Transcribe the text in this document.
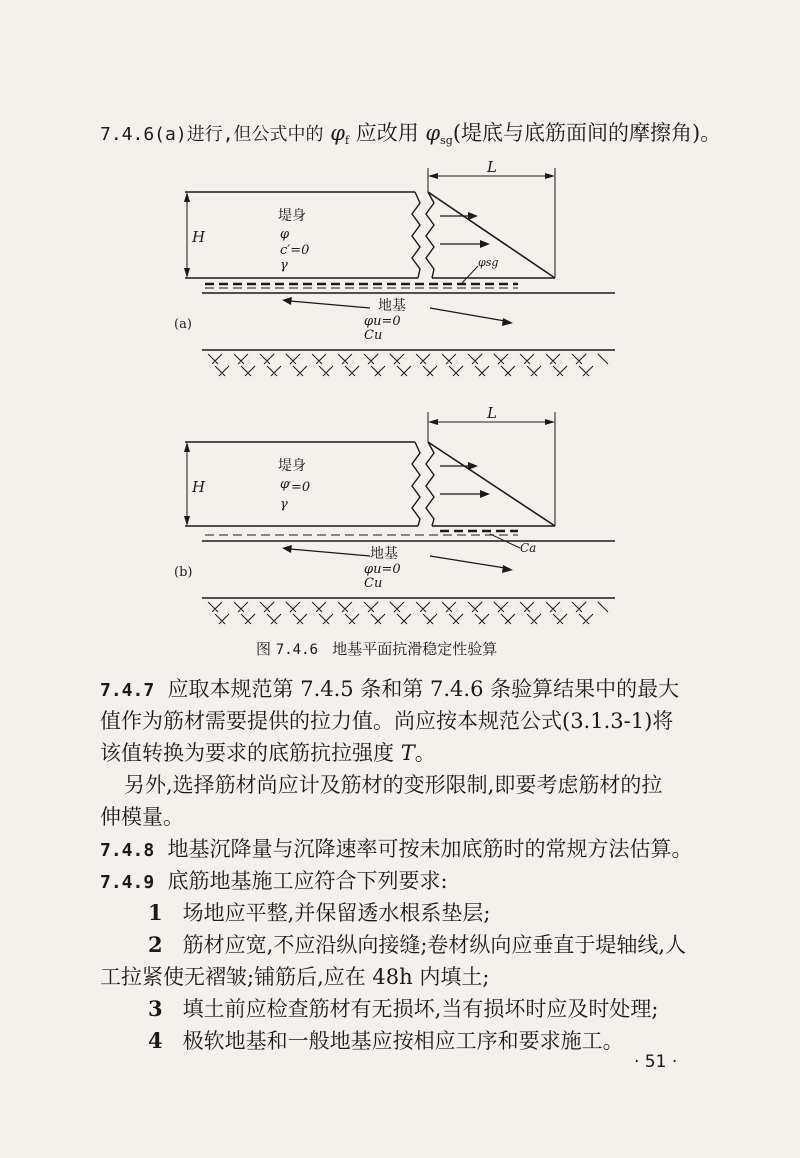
7.4.6(a)进行,但公式中的 $\varphi_f$ 应改用 $\varphi_{sg}$(堤底与底筋面间的摩擦角)。
L
H
堤身
φ
c′=0
γ	φsg
地基
φu=0
Cu
(a)
L
H
堤身
φ
′=0
γ
Ca
地基
φu=0
Cu
(b)
图 7.4.6 地基平面抗滑稳定性验算
7.4.7 应取本规范第 7.4.5 条和第 7.4.6 条验算结果中的最大
值作为筋材需要提供的拉力值。尚应按本规范公式(3.1.3-1)将
该值转换为要求的底筋抗拉强度 T。
另外,选择筋材尚应计及筋材的变形限制,即要考虑筋材的拉
伸模量。
7.4.8 地基沉降量与沉降速率可按未加底筋时的常规方法估算。
7.4.9 底筋地基施工应符合下列要求:
1 场地应平整,并保留透水根系垫层;
2 筋材应宽,不应沿纵向接缝;卷材纵向应垂直于堤轴线,人
工拉紧使无褶皱;铺筋后,应在 48h 内填土;
3 填土前应检查筋材有无损坏,当有损坏时应及时处理;
4 极软地基和一般地基应按相应工序和要求施工。
· 51 ·
